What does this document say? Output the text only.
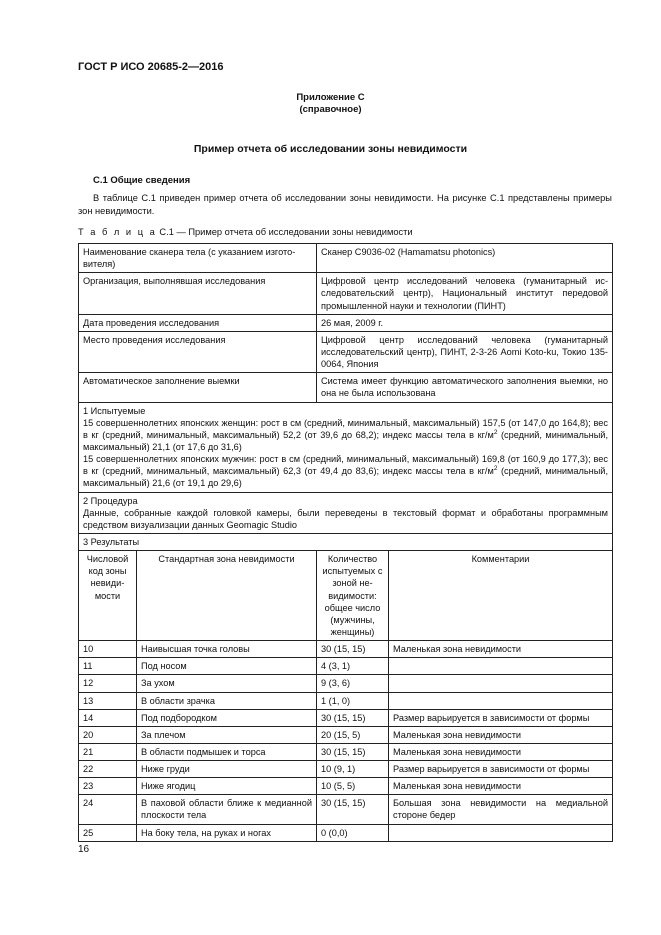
ГОСТ Р ИСО 20685-2—2016
Приложение С
(справочное)
Пример отчета об исследовании зоны невидимости
С.1 Общие сведения
В таблице С.1 приведен пример отчета об исследовании зоны невидимости. На рисунке С.1 представлены примеры зон невидимости.
Т а б л и ц а С.1 — Пример отчета об исследовании зоны невидимости
Наименование сканера тела (с указанием изготовителя)		Сканер С9036-02 (Hamamatsu photonics)	
Организация, выполнявшая исследования		Цифровой центр исследований человека (гуманитарный исследовательский центр), Национальный институт передовой промышленной науки и технологии (ПИНТ)	
Дата проведения исследования		26 мая, 2009 г.	
Место проведения исследования		Цифровой центр исследований человека (гуманитарный исследовательский центр), ПИНТ, 2-3-26 Aomi Koto-ku, Токио 135-0064, Япония	
Автоматическое заполнение выемки		Система имеет функцию автоматического заполнения выемки, но она не была использована	

1 Испытуемые

15 совершеннолетних японских женщин: рост в см (средний, минимальный, максимальный) 157,5 (от 147,0 до 164,8); вес в кг (средний, минимальный, максимальный) 52,2 (от 39,6 до 68,2); индекс массы тела в $кг/м^2$ (средний, минимальный, максимальный) 21,1 (от 17,6 до 31,6)

15 совершеннолетних японских мужчин: рост в см (средний, минимальный, максимальный) 169,8 (от 160,9 до 177,3); вес в кг (средний, минимальный, максимальный) 62,3 (от 49,4 до 83,6); индекс массы тела в $кг/м^2$ (средний, минимальный, максимальный) 21,6 (от 19,1 до 29,6)			

2 Процедура

Данные, собранные каждой головкой камеры, были переведены в текстовый формат и обработаны программным средством визуализации данных Geomagic Studio			

3 Результаты			
Числовой код зоны невидимости	Стандартная зона невидимости	Количество испытуемых с зоной невидимости: общее число (мужчины, женщины)	Комментарии
10	Наивысшая точка головы	30 (15, 15)	Маленькая зона невидимости
11	Под носом	4 (3, 1)	
12	За ухом	9 (3, 6)	
13	В области зрачка	1 (1, 0)	
14	Под подбородком	30 (15, 15)	Размер варьируется в зависимости от формы
20	За плечом	20 (15, 5)	Маленькая зона невидимости
21	В области подмышек и торса	30 (15, 15)	Маленькая зона невидимости
22	Ниже груди	10 (9, 1)	Размер варьируется в зависимости от формы
23	Ниже ягодиц	10 (5, 5)	Маленькая зона невидимости
24	В паховой области ближе к медианной плоскости тела	30 (15, 15)	Большая зона невидимости на медиальной стороне бедер
25	На боку тела, на руках и ногах	0 (0,0)	
16
